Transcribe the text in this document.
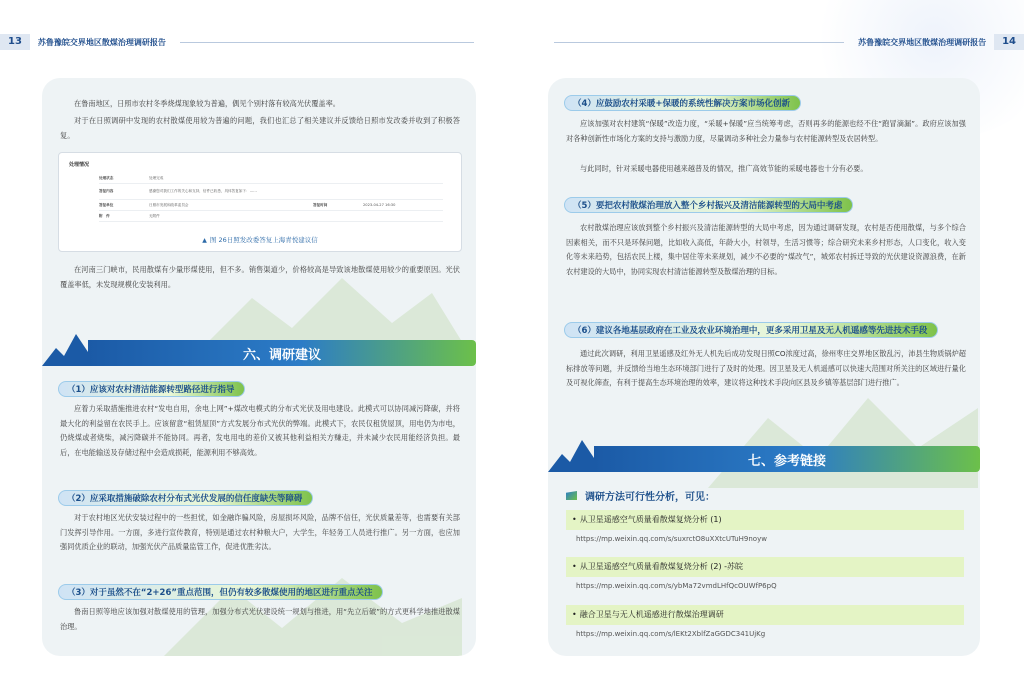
13	苏鲁豫皖交界地区散煤治理调研报告	苏鲁豫皖交界地区散煤治理调研报告	14

在鲁南地区，日照市农村冬季烧煤现象较为普遍，偶见个别村落有较高光伏覆盖率。

对于在日照调研中发现的农村散煤使用较为普遍的问题，我们也汇总了相关建议并反馈给日照市发改委并收到了积极答复。

处理情况
处理状态	处理完成
答复内容	感谢您对我们工作的关心和支持，信件已收悉，具体答复如下：……
答复单位	日照市发展和改革委员会	答复时间	2023-04-27 16:30
附　件	无附件
▲ 图 26日照发改委答复上海青悦建议信

在河南三门峡市，民用散煤有少量形煤使用，但不多。销售渠道少，价格较高是导致该地散煤使用较少的重要原因。光伏覆盖率低，未发现规模化安装利用。

六、调研建议
（1）应该对农村清洁能源转型路径进行指导

应着力采取措施推进农村“发电自用，余电上网”+煤改电模式的分布式光伏及用电建设。此模式可以协同减污降碳，并将最大化的利益留在农民手上。应该留意“租赁屋顶”方式发展分布式光伏的弊端。此模式下，农民仅租赁屋顶，用电仍为市电，仍烧煤或者烧柴，减污降碳并不能协同。再者，发电用电的差价又被其他利益相关方赚走，并未减少农民用能经济负担。最后，在电能输送及存储过程中会造成损耗，能源利用不够高效。

（2）应采取措施破除农村分布式光伏发展的信任度缺失等障碍

对于农村地区光伏安装过程中的一些担忧，如金融诈骗风险，房屋损坏风险，品牌不信任，光伏质量差等，也需要有关部门发挥引导作用。一方面，多进行宣传教育，特别是通过农村种粮大户，大学生，年轻务工人员进行推广。另一方面，也应加强同优质企业的联动，加强光伏产品质量监管工作，促进优胜劣汰。

（3）对于虽然不在“2+26”重点范围，但仍有较多散煤使用的地区进行重点关注

鲁南日照等地应该加强对散煤使用的管理，加强分布式光伏建设统一规划与推进，用“先立后破”的方式更科学地推进散煤治理。

（4）应鼓励农村采暖+保暖的系统性解决方案市场化创新

应该加强对农村建筑“保暖”改造力度，“采暖+保暖”应当统筹考虑，否则再多的能源也经不住“跑冒滴漏”。政府应该加强对各种创新性市场化方案的支持与激励力度，尽量调动多种社会力量参与农村能源转型及农居转型。

与此同时，针对采暖电器使用越来越普及的情况，推广高效节能的采暖电器也十分有必要。

（5）要把农村散煤治理放入整个乡村振兴及清洁能源转型的大局中考虑

农村散煤治理应该放到整个乡村振兴及清洁能源转型的大局中考虑，因为通过调研发现，农村是否使用散煤，与多个综合因素相关，而不只是环保问题，比如收入高低，年龄大小，村领导，生活习惯等；综合研究未来乡村形态，人口变化，收入变化等未来趋势，包括农民上楼，集中居住等未来规划，减少不必要的“煤改气”，城郊农村拆迁导致的光伏建设资源浪费，在新农村建设的大局中，协同实现农村清洁能源转型及散煤治理的目标。

（6）建议各地基层政府在工业及农业环境治理中，更多采用卫星及无人机遥感等先进技术手段

通过此次调研，利用卫星遥感及红外无人机先后成功发现日照CO浓度过高，徐州枣庄交界地区散乱污，沛县生物质锅炉超标排放等问题，并反馈给当地生态环境部门进行了及时的处理。因卫星及无人机遥感可以快速大范围对所关注的区域进行量化及可视化筛查，有利于提高生态环境治理的效率，建议将这种技术手段向区县及乡镇等基层部门进行推广。

七、参考链接
调研方法可行性分析，可见：
• 从卫星遥感空气质量看散煤复烧分析 (1)
https://mp.weixin.qq.com/s/suxrctO8uXXtcUTuH9noyw
• 从卫星遥感空气质量看散煤复烧分析 (2) -苏皖
https://mp.weixin.qq.com/s/ybMa72vmdLHfQcOUWfP6pQ
• 融合卫星与无人机遥感进行散煤治理调研
https://mp.weixin.qq.com/s/lEKt2XblfZaGGDC341UjKg
